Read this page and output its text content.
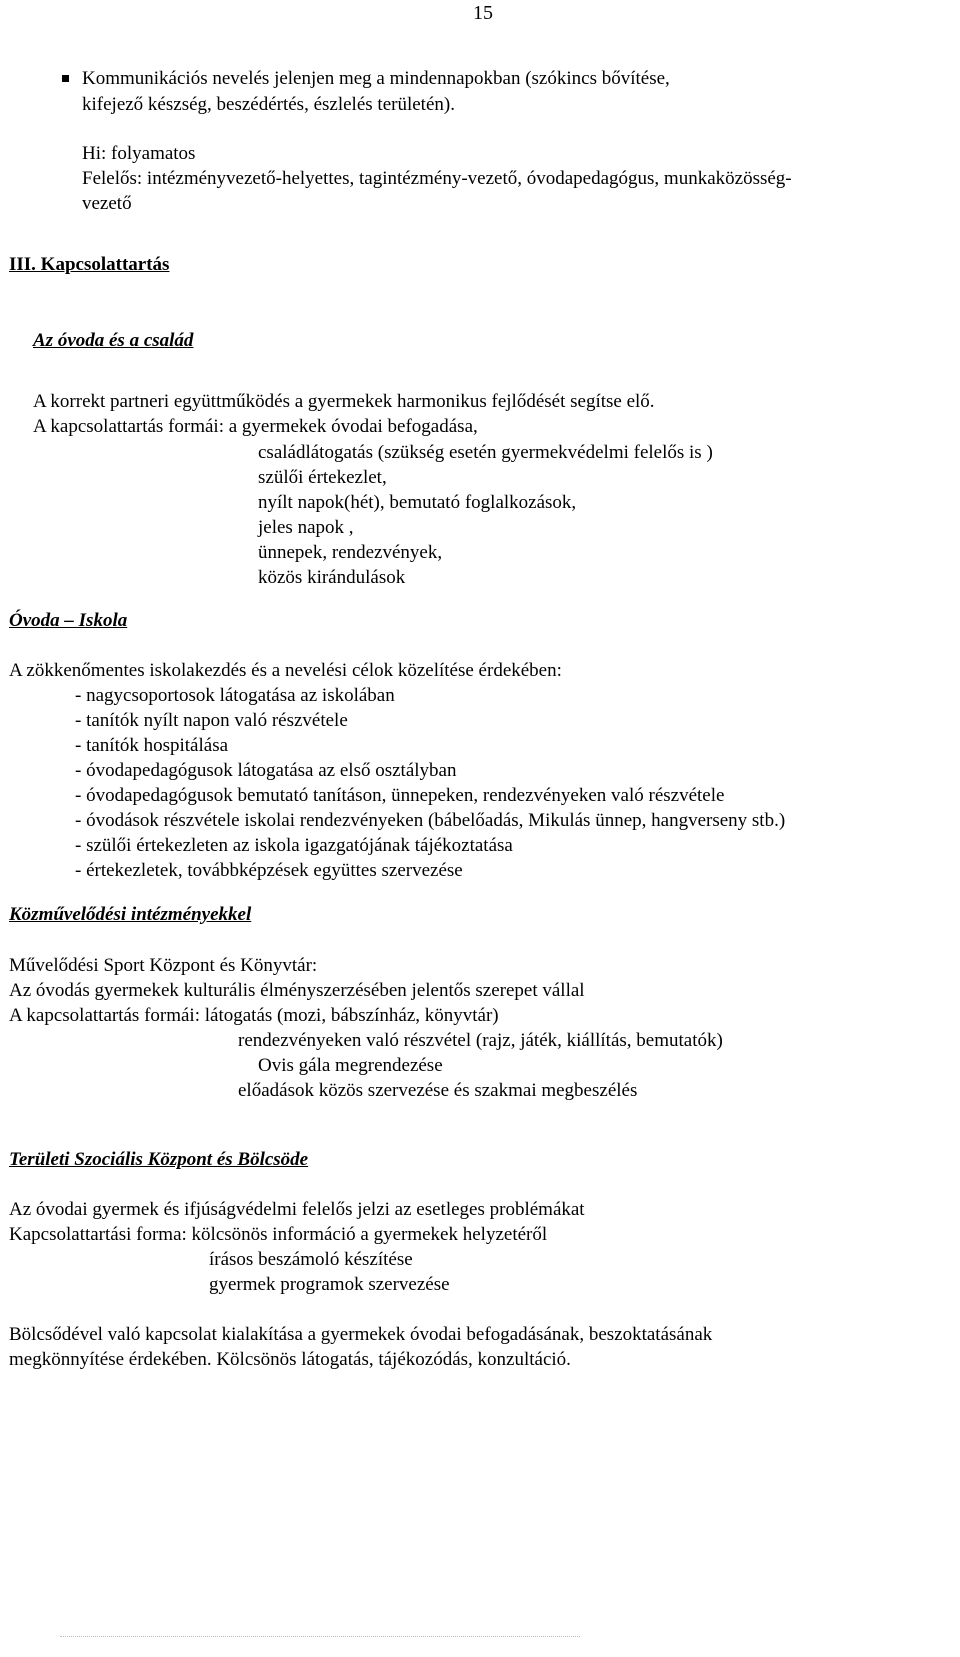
15
Kommunikációs nevelés jelenjen meg a mindennapokban (szókincs bővítése,
kifejező készség, beszédértés, észlelés területén).
Hi: folyamatos
Felelős: intézményvezető-helyettes, tagintézmény-vezető, óvodapedagógus, munkaközösség-
vezető
III. Kapcsolattartás
Az óvoda és a család
A korrekt partneri együttműködés a gyermekek harmonikus fejlődését segítse elő.
A kapcsolattartás formái: a gyermekek óvodai befogadása,
családlátogatás (szükség esetén gyermekvédelmi felelős is )
szülői értekezlet,
nyílt napok(hét), bemutató foglalkozások,
jeles napok ,
ünnepek, rendezvények,
közös kirándulások
Óvoda – Iskola
A zökkenőmentes iskolakezdés és a nevelési célok közelítése érdekében:
- nagycsoportosok látogatása az iskolában
- tanítók nyílt napon való részvétele
- tanítók hospitálása
- óvodapedagógusok látogatása az első osztályban
- óvodapedagógusok bemutató tanításon, ünnepeken, rendezvényeken való részvétele
- óvodások részvétele iskolai rendezvényeken (bábelőadás, Mikulás ünnep, hangverseny stb.)
- szülői értekezleten az iskola igazgatójának tájékoztatása
- értekezletek, továbbképzések együttes szervezése
Közművelődési intézményekkel
Művelődési Sport Központ és Könyvtár:
Az óvodás gyermekek kulturális élményszerzésében jelentős szerepet vállal
A kapcsolattartás formái: látogatás (mozi, bábszínház, könyvtár)
rendezvényeken való részvétel (rajz, játék, kiállítás, bemutatók)
Ovis gála megrendezése
előadások közös szervezése és szakmai megbeszélés
Területi Szociális Központ és Bölcsöde
Az óvodai gyermek és ifjúságvédelmi felelős jelzi az esetleges problémákat
Kapcsolattartási forma: kölcsönös információ a gyermekek helyzetéről
írásos beszámoló készítése
gyermek programok szervezése
Bölcsődével való kapcsolat kialakítása a gyermekek óvodai befogadásának, beszoktatásának
megkönnyítése érdekében. Kölcsönös látogatás, tájékozódás, konzultáció.
